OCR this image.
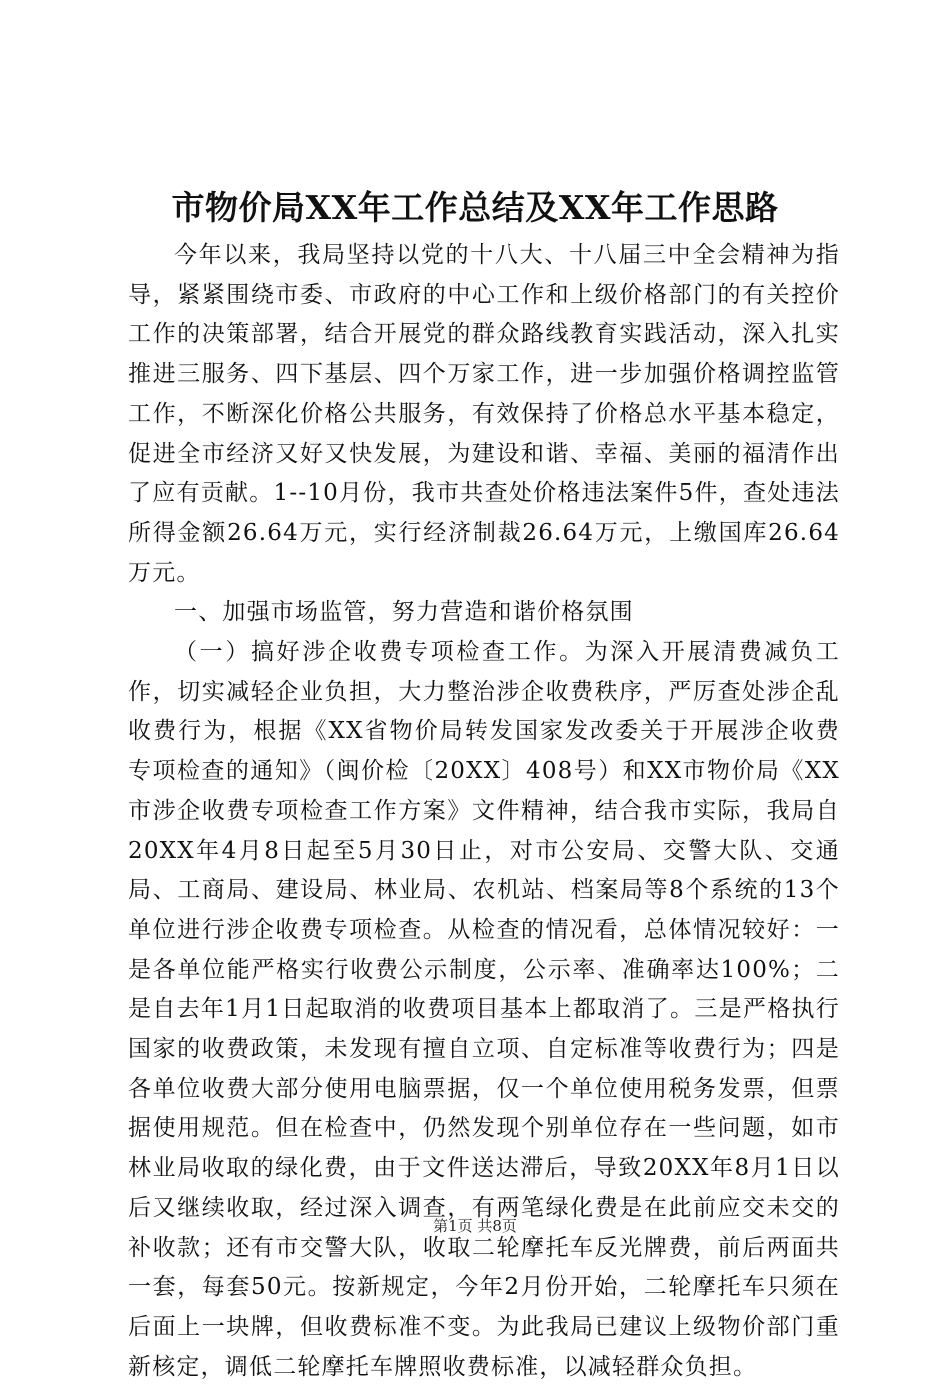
市物价局XX年工作总结及XX年工作思路

今年以来，我局坚持以党的十八大、十八届三中全会精神为指导，紧紧围绕市委、市政府的中心工作和上级价格部门的有关控价工作的决策部署，结合开展党的群众路线教育实践活动，深入扎实推进三服务、四下基层、四个万家工作，进一步加强价格调控监管工作，不断深化价格公共服务，有效保持了价格总水平基本稳定，促进全市经济又好又快发展，为建设和谐、幸福、美丽的福清作出了应有贡献。1--10月份，我市共查处价格违法案件5件，查处违法所得金额26.64万元，实行经济制裁26.64万元，上缴国库26.64万元。

一、加强市场监管，努力营造和谐价格氛围

（一）搞好涉企收费专项检查工作。为深入开展清费减负工作，切实减轻企业负担，大力整治涉企收费秩序，严厉查处涉企乱收费行为，根据《XX省物价局转发国家发改委关于开展涉企收费专项检查的通知》（闽价检〔20XX〕408号）和XX市物价局《XX市涉企收费专项检查工作方案》文件精神，结合我市实际，我局自20XX年4月8日起至5月30日止，对市公安局、交警大队、交通局、工商局、建设局、林业局、农机站、档案局等8个系统的13个单位进行涉企收费专项检查。从检查的情况看，总体情况较好：一是各单位能严格实行收费公示制度，公示率、准确率达100%；二是自去年1月1日起取消的收费项目基本上都取消了。三是严格执行国家的收费政策，未发现有擅自立项、自定标准等收费行为；四是各单位收费大部分使用电脑票据，仅一个单位使用税务发票，但票据使用规范。但在检查中，仍然发现个别单位存在一些问题，如市林业局收取的绿化费，由于文件送达滞后，导致20XX年8月1日以后又继续收取，经过深入调查，有两笔绿化费是在此前应交未交的补收款；还有市交警大队，收取二轮摩托车反光牌费，前后两面共一套，每套50元。按新规定，今年2月份开始，二轮摩托车只须在后面上一块牌，但收费标准不变。为此我局已建议上级物价部门重新核定，调低二轮摩托车牌照收费标准，以减轻群众负担。

第1页 共8页
